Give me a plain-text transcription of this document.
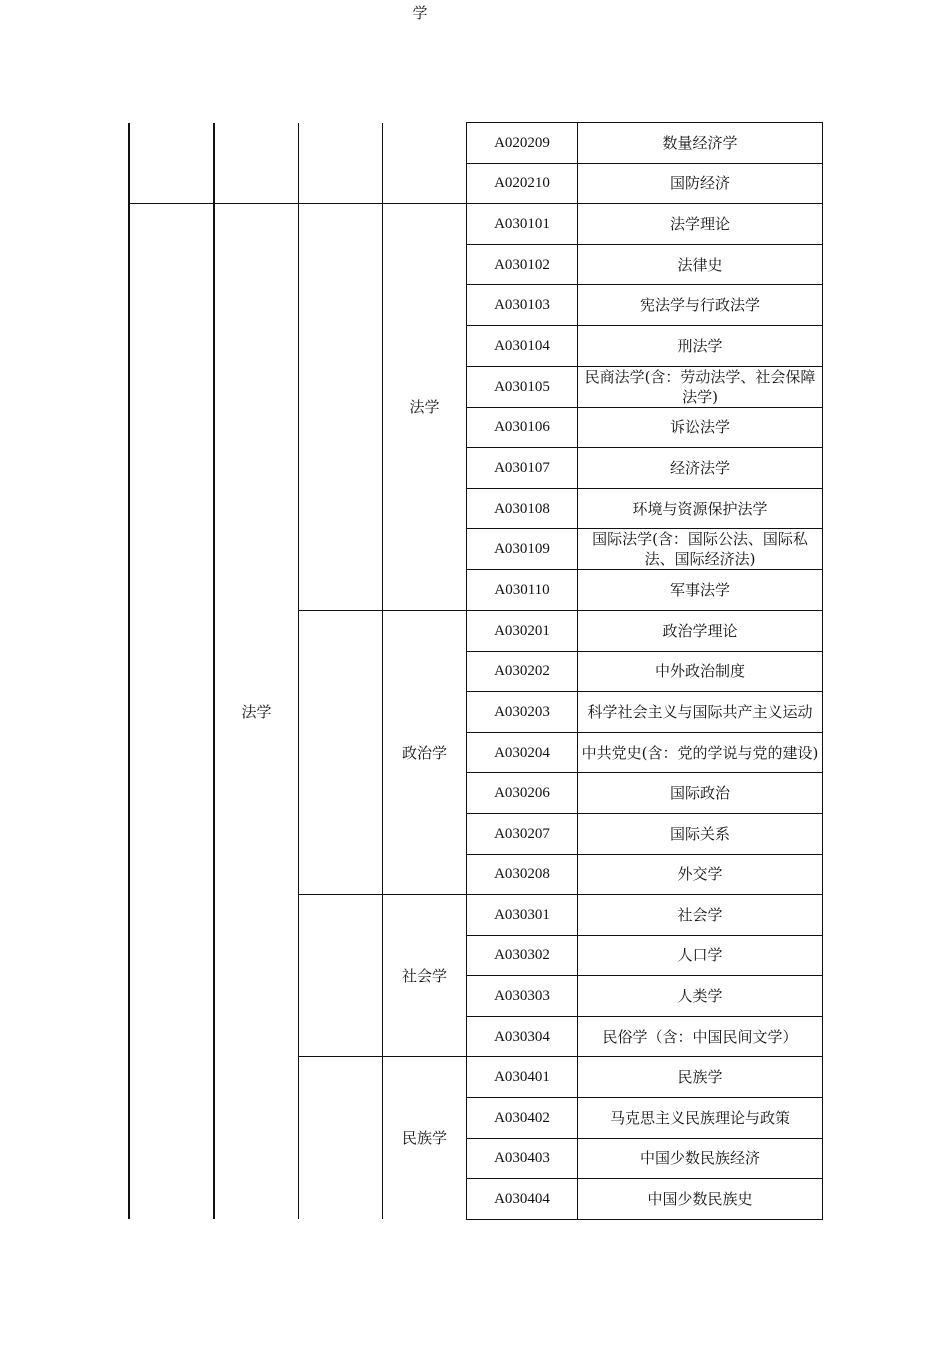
学
				A020209	数量经济学
				A020210	国防经济
	法学		法学	A030101	法学理论
				A030102	法律史
				A030103	宪法学与行政法学
				A030104	刑法学
				A030105	民商法学(含：劳动法学、社会保障法学)
				A030106	诉讼法学
				A030107	经济法学
				A030108	环境与资源保护法学
				A030109	国际法学(含：国际公法、国际私法、国际经济法)
				A030110	军事法学
			政治学	A030201	政治学理论
				A030202	中外政治制度
				A030203	科学社会主义与国际共产主义运动
				A030204	中共党史(含：党的学说与党的建设)
				A030206	国际政治
				A030207	国际关系
				A030208	外交学
			社会学	A030301	社会学
				A030302	人口学
				A030303	人类学
				A030304	民俗学（含：中国民间文学）
			民族学	A030401	民族学
				A030402	马克思主义民族理论与政策
				A030403	中国少数民族经济
				A030404	中国少数民族史
